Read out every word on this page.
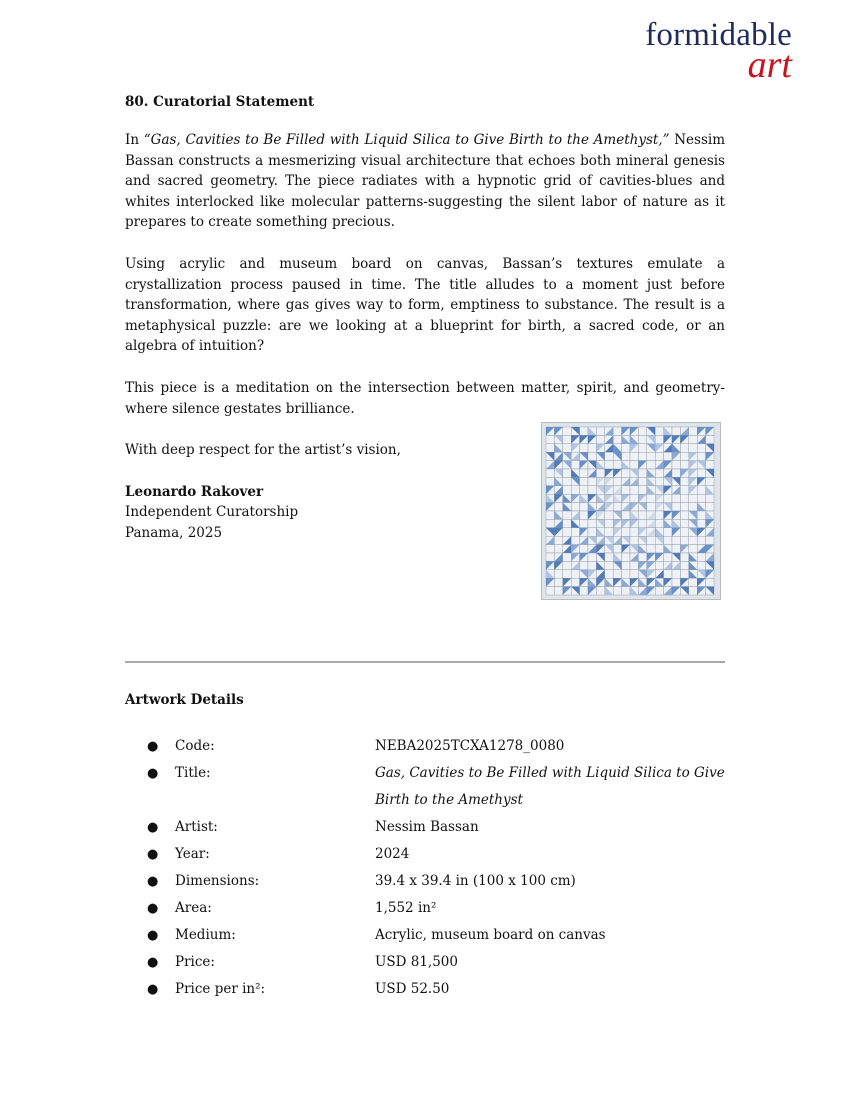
formidable
art
80. Curatorial Statement

In “Gas, Cavities to Be Filled with Liquid Silica to Give Birth to the Amethyst,” Nessim Bassan constructs a mesmerizing visual architecture that echoes both mineral genesis and sacred geometry. The piece radiates with a hypnotic grid of cavities-blues and whites interlocked like molecular patterns-suggesting the silent labor of nature as it prepares to create something precious.

Using acrylic and museum board on canvas, Bassan’s textures emulate a crystallization process paused in time. The title alludes to a moment just before transformation, where gas gives way to form, emptiness to substance. The result is a metaphysical puzzle: are we looking at a blueprint for birth, a sacred code, or an algebra of intuition?

This piece is a meditation on the intersection between matter, spirit, and geometry-where silence gestates brilliance.

With deep respect for the artist’s vision,
Leonardo Rakover
Independent Curatorship
Panama, 2025
Artwork Details
● Code:	NEBA2025TCXA1278_0080
● Title:	Gas, Cavities to Be Filled with Liquid Silica to Give Birth to the Amethyst
● Artist:	Nessim Bassan
● Year:	2024
● Dimensions:	39.4 x 39.4 in (100 x 100 cm)
● Area:	1,552 in²
● Medium:	Acrylic, museum board on canvas
● Price:	USD 81,500
● Price per in²:	USD 52.50
